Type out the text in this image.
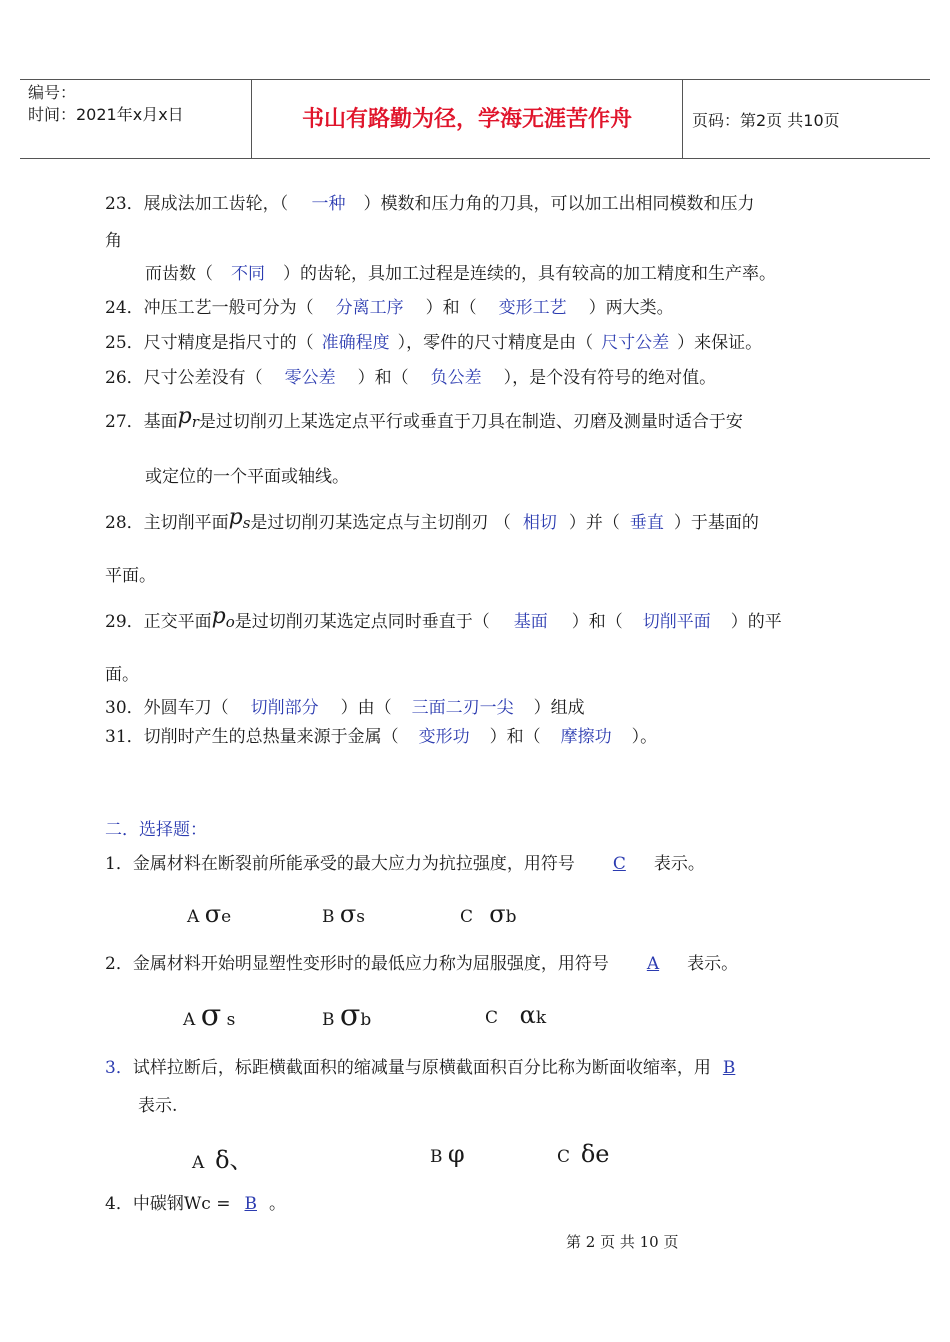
编号：
时间：2021年x月x日	书山有路勤为径，学海无涯苦作舟	页码：第2页 共10页
23．展成法加工齿轮，（ 一种 ）模数和压力角的刀具，可以加工出相同模数和压力
角
而齿数（ 不同 ）的齿轮，具加工过程是连续的，具有较高的加工精度和生产率。
24．冲压工艺一般可分为（ 分离工序 ）和（ 变形工艺 ）两大类。
25．尺寸精度是指尺寸的（ 准确程度 ），零件的尺寸精度是由（ 尺寸公差 ）来保证。
26．尺寸公差没有（ 零公差 ）和（ 负公差 ），是个没有符号的绝对值。
27．基面pr是过切削刃上某选定点平行或垂直于刀具在制造、刃磨及测量时适合于安
或定位的一个平面或轴线。
28．主切削平面ps是过切削刃某选定点与主切削刃 （ 相切 ）并（ 垂直 ）于基面的
平面。
29．正交平面po是过切削刃某选定点同时垂直于（ 基面 ）和（ 切削平面 ）的平
面。
30．外圆车刀（ 切削部分 ）由（ 三面二刃一尖 ）组成
31．切削时产生的总热量来源于金属（ 变形功 ）和（ 摩擦功 ）。
二．选择题：
1．金属材料在断裂前所能承受的最大应力为抗拉强度，用符号 C 表示。
A σe	B σs	C σb
2．金属材料开始明显塑性变形时的最低应力称为屈服强度，用符号 A 表示。
A σ s	B σb	C αk
3．试样拉断后，标距横截面积的缩减量与原横截面积百分比称为断面收缩率，用 B
表示.
A δ、	B φ	C δe
4．中碳钢Wc = B 。
第 2 页 共 10 页
